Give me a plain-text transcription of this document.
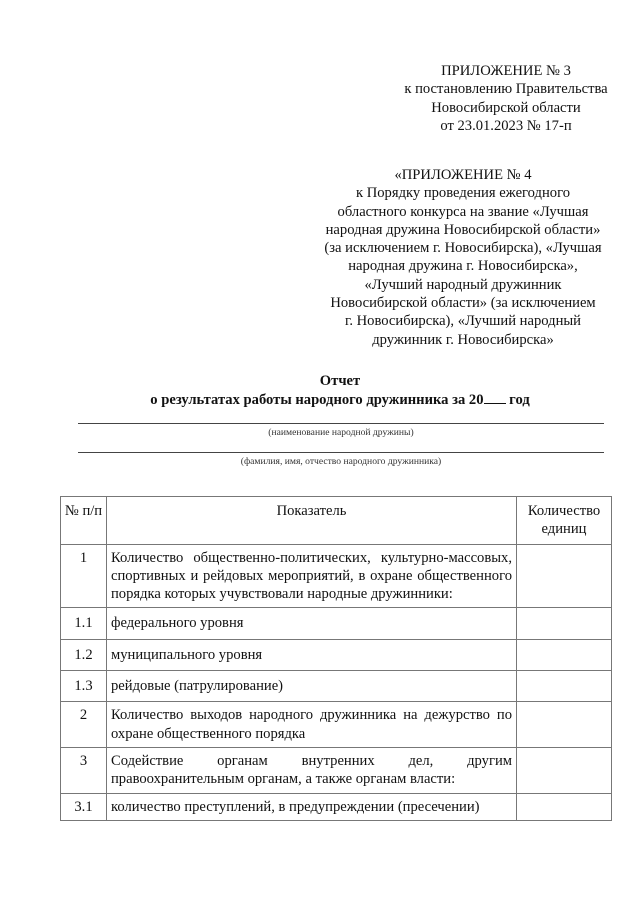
ПРИЛОЖЕНИЕ № 3
к постановлению Правительства
Новосибирской области
от 23.01.2023 № 17-п
«ПРИЛОЖЕНИЕ № 4
к Порядку проведения ежегодного
областного конкурса на звание «Лучшая
народная дружина Новосибирской области»
(за исключением г. Новосибирска), «Лучшая
народная дружина г. Новосибирска»,
«Лучший народный дружинник
Новосибирской области» (за исключением
г. Новосибирска), «Лучший народный
дружинник г. Новосибирска»
Отчет
о результатах работы народного дружинника за 20 год
(наименование народной дружины)
(фамилия, имя, отчество народного дружинника)
№ п/п	Показатель	Количество единиц
1	Количество общественно-политических, культурно-массовых, спортивных и рейдовых мероприятий, в охране общественного порядка которых учувствовали народные дружинники:	
1.1	федерального уровня	
1.2	муниципального уровня	
1.3	рейдовые (патрулирование)	
2	Количество выходов народного дружинника на дежурство по охране общественного порядка	
3	Содействие органам внутренних дел, другим правоохранительным органам, а также органам власти:	
3.1	количество преступлений, в предупреждении (пресечении)	
